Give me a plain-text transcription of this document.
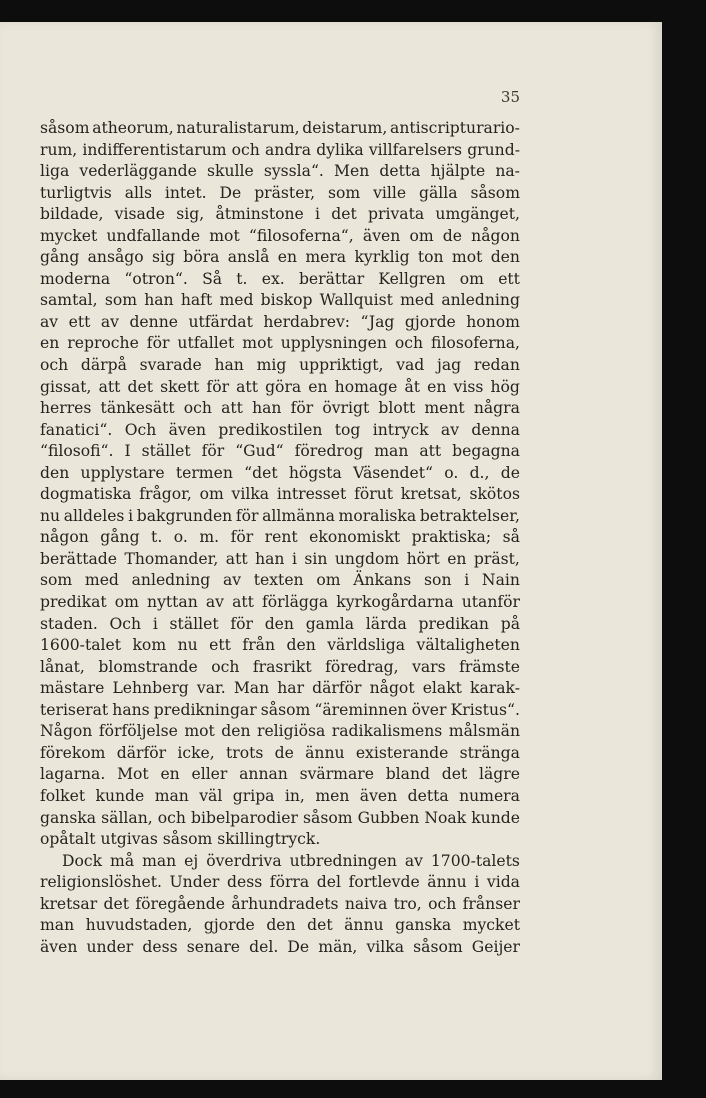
35
såsom atheorum, naturalistarum, deistarum, antiscripturario-
rum, indifferentistarum och andra dylika villfarelsers grund-
liga vederläggande skulle syssla“. Men detta hjälpte na-
turligtvis alls intet. De präster, som ville gälla såsom
bildade, visade sig, åtminstone i det privata umgänget,
mycket undfallande mot “filosoferna“, även om de någon
gång ansågo sig böra anslå en mera kyrklig ton mot den
moderna “otron“. Så t. ex. berättar Kellgren om ett
samtal, som han haft med biskop Wallquist med anledning
av ett av denne utfärdat herdabrev: “Jag gjorde honom
en reproche för utfallet mot upplysningen och filosoferna,
och därpå svarade han mig uppriktigt, vad jag redan
gissat, att det skett för att göra en homage åt en viss hög
herres tänkesätt och att han för övrigt blott ment några
fanatici“. Och även predikostilen tog intryck av denna
“filosofi“. I stället för “Gud“ föredrog man att begagna
den upplystare termen “det högsta Väsendet“ o. d., de
dogmatiska frågor, om vilka intresset förut kretsat, skötos
nu alldeles i bakgrunden för allmänna moraliska betraktelser,
någon gång t. o. m. för rent ekonomiskt praktiska; så
berättade Thomander, att han i sin ungdom hört en präst,
som med anledning av texten om Änkans son i Nain
predikat om nyttan av att förlägga kyrkogårdarna utanför
staden. Och i stället för den gamla lärda predikan på
1600-talet kom nu ett från den världsliga vältaligheten
lånat, blomstrande och frasrikt föredrag, vars främste
mästare Lehnberg var. Man har därför något elakt karak-
teriserat hans predikningar såsom “äreminnen över Kristus“.
Någon förföljelse mot den religiösa radikalismens målsmän
förekom därför icke, trots de ännu existerande stränga
lagarna. Mot en eller annan svärmare bland det lägre
folket kunde man väl gripa in, men även detta numera
ganska sällan, och bibelparodier såsom Gubben Noak kunde
opåtalt utgivas såsom skillingtryck.
Dock må man ej överdriva utbredningen av 1700-talets
religionslöshet. Under dess förra del fortlevde ännu i vida
kretsar det föregående århundradets naiva tro, och frånser
man huvudstaden, gjorde den det ännu ganska mycket
även under dess senare del. De män, vilka såsom Geijer
